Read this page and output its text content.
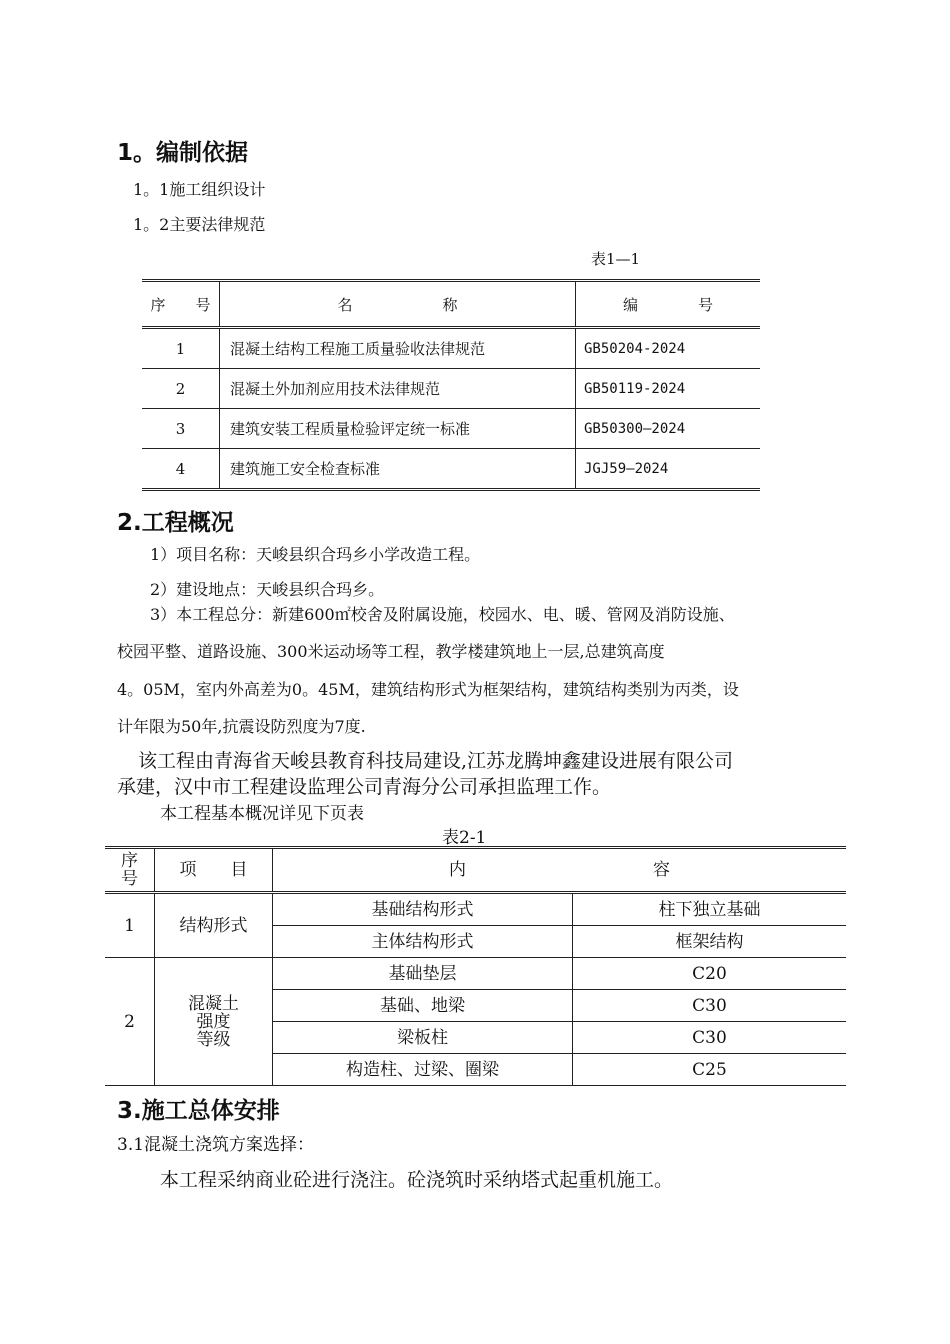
1。编制依据
1。1施工组织设计
1。2主要法律规范
表1—1
序　　号	名　　　　　　称	编　　　　号
1	混凝土结构工程施工质量验收法律规范	GB50204-2024
2	混凝土外加剂应用技术法律规范	GB50119-2024
3	建筑安装工程质量检验评定统一标准	GB50300—2024
4	建筑施工安全检查标准	JGJ59—2024
2.工程概况
1）项目名称：天峻县织合玛乡小学改造工程。
2）建设地点：天峻县织合玛乡。
3）本工程总分：新建600㎡校舍及附属设施，校园水、电、暖、管网及消防设施、
校园平整、道路设施、300米运动场等工程，教学楼建筑地上一层,总建筑高度
4。05M，室内外高差为0。45M，建筑结构形式为框架结构，建筑结构类别为丙类，设
计年限为50年,抗震设防烈度为7度.
该工程由青海省天峻县教育科技局建设,江苏龙腾坤鑫建设进展有限公司
承建，汉中市工程建设监理公司青海分公司承担监理工作。
本工程基本概况详见下页表
表2-1
序
号	项　　目	内　　　　　　　　　　　容	
1	结构形式	基础结构形式	柱下独立基础
		主体结构形式	框架结构
2	混凝土
强度
等级	基础垫层	C20
		基础、地梁	C30
		梁板柱	C30
		构造柱、过梁、圈梁	C25
3.施工总体安排
3.1混凝土浇筑方案选择：
本工程采纳商业砼进行浇注。砼浇筑时采纳塔式起重机施工。
